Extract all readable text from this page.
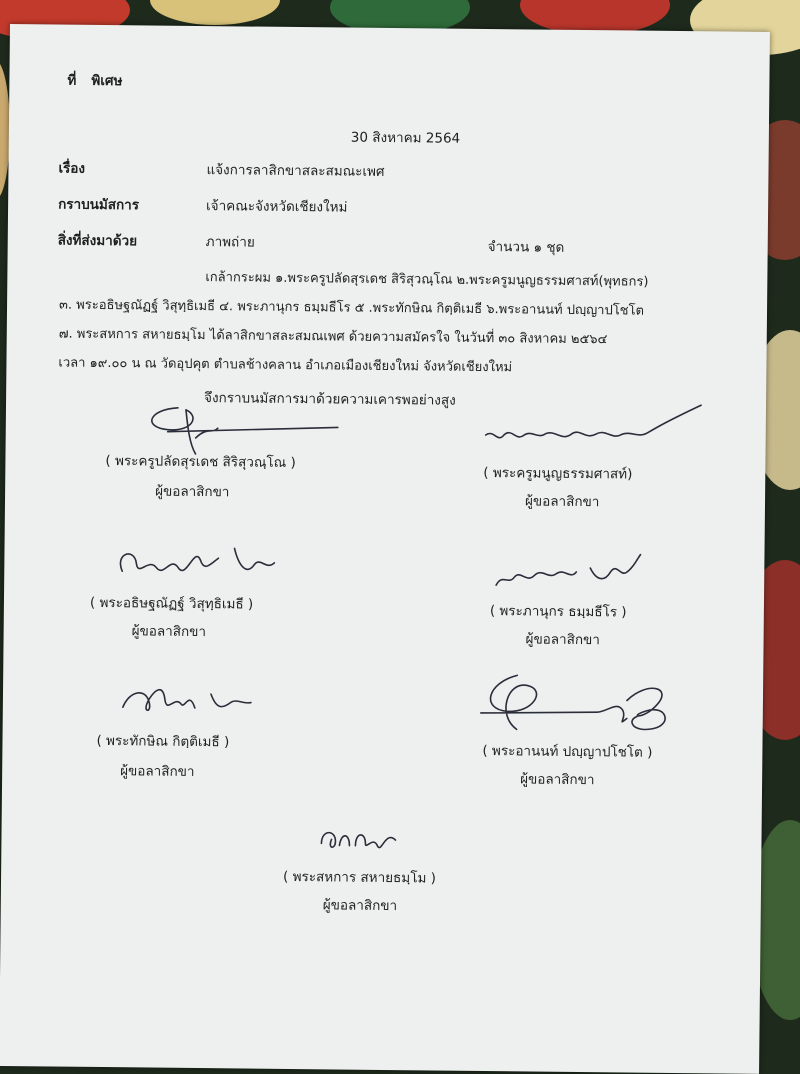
ที่ พิเศษ
30 สิงหาคม 2564
เรื่อง	แจ้งการลาสิกขาสละสมณะเพศ
กราบนมัสการ	เจ้าคณะจังหวัดเชียงใหม่
สิ่งที่ส่งมาด้วย	ภาพถ่าย	จำนวน ๑ ชุด
เกล้ากระผม ๑.พระครูปลัดสุรเดช สิริสุวณฺโณ ๒.พระครูมนูญธรรมศาสท์(พุทธกร)
๓. พระอธิษฐณัฏฐ์ วิสุทฺธิเมธี ๔. พระภานุกร ธมฺมธีโร ๕ .พระทักษิณ กิตฺติเมธี ๖.พระอานนท์ ปญฺญาปโชโต
๗. พระสหการ สหายธมฺโม ได้ลาสิกขาสละสมณเพศ ด้วยความสมัครใจ ในวันที่ ๓๐ สิงหาคม ๒๕๖๔
เวลา ๑๙.๐๐ น ณ วัดอุปคุต ตำบลช้างคลาน อำเภอเมืองเชียงใหม่ จังหวัดเชียงใหม่
จึงกราบนมัสการมาด้วยความเคารพอย่างสูง
( พระครูปลัดสุรเดช สิริสุวณฺโณ )
ผู้ขอลาสิกขา
( พระครูมนูญธรรมศาสท์)
ผู้ขอลาสิกขา
( พระอธิษฐณัฏฐ์ วิสุทฺธิเมธี )
ผู้ขอลาสิกขา
( พระภานุกร ธมฺมธีโร )
ผู้ขอลาสิกขา
( พระทักษิณ กิตฺติเมธี )
ผู้ขอลาสิกขา
( พระอานนท์ ปญฺญาปโชโต )
ผู้ขอลาสิกขา
( พระสหการ สหายธมฺโม )
ผู้ขอลาสิกขา
